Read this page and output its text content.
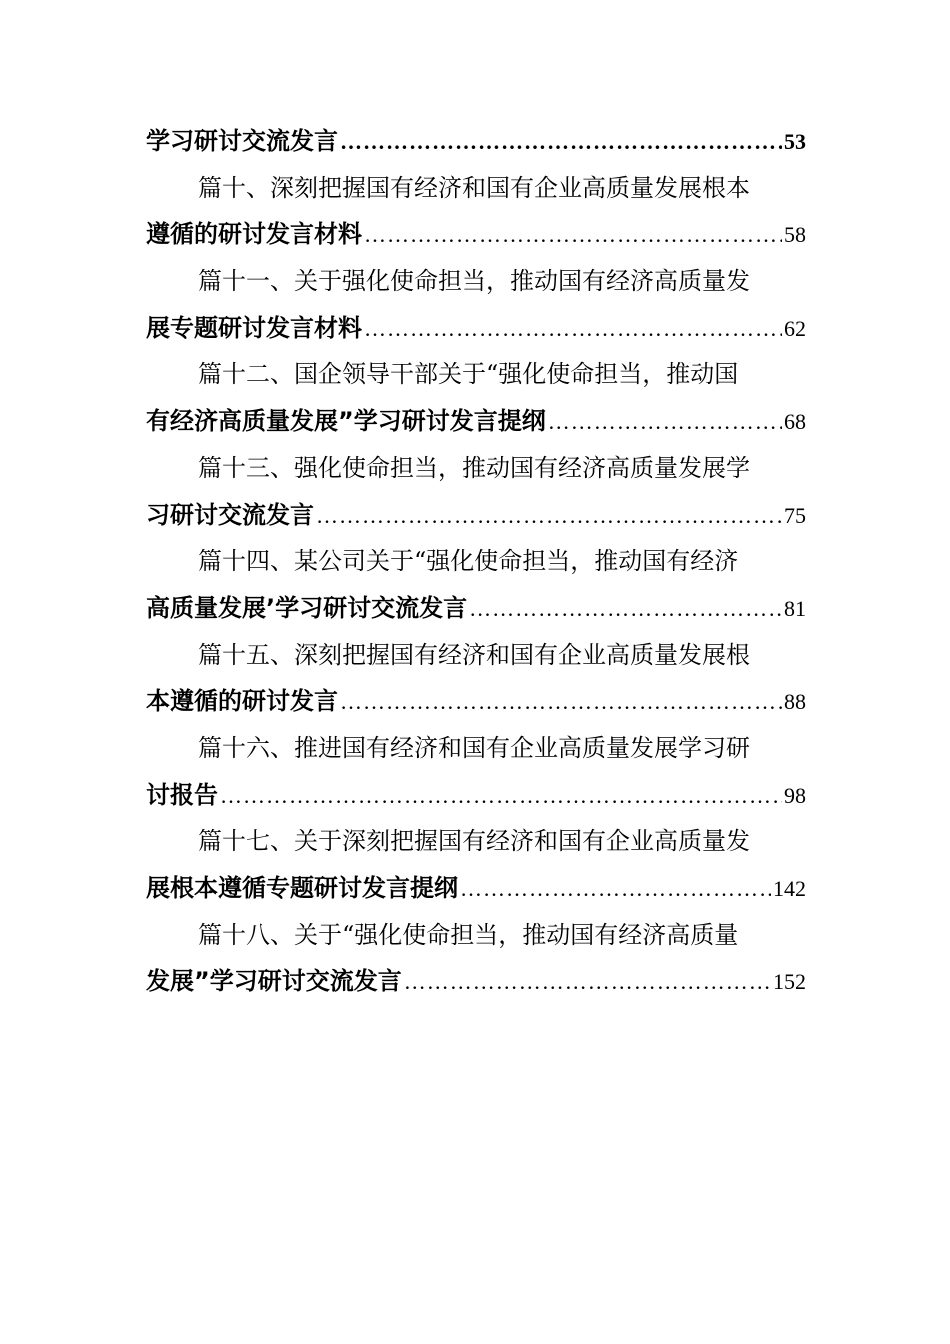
学习研讨交流发言 ………………………………………………………………………………………………………………………………	53
篇十、深刻把握国有经济和国有企业高质量发展根本
遵循的研讨发言材料 ………………………………………………………………………………………………………………………………	58
篇十一、关于强化使命担当，推动国有经济高质量发
展专题研讨发言材料 ………………………………………………………………………………………………………………………………	62
篇十二、国企领导干部关于“强化使命担当，推动国
有经济高质量发展”学习研讨发言提纲 ………………………………………………………………………………………………………………………………	68
篇十三、强化使命担当，推动国有经济高质量发展学
习研讨交流发言 ………………………………………………………………………………………………………………………………	75
篇十四、某公司关于“强化使命担当，推动国有经济
高质量发展’学习研讨交流发言 ………………………………………………………………………………………………………………………………	81
篇十五、深刻把握国有经济和国有企业高质量发展根
本遵循的研讨发言 ………………………………………………………………………………………………………………………………	88
篇十六、推进国有经济和国有企业高质量发展学习研
讨报告 ………………………………………………………………………………………………………………………………	98
篇十七、关于深刻把握国有经济和国有企业高质量发
展根本遵循专题研讨发言提纲 ………………………………………………………………………………………………………………………………	142
篇十八、关于“强化使命担当，推动国有经济高质量
发展”学习研讨交流发言 ………………………………………………………………………………………………………………………………	152
